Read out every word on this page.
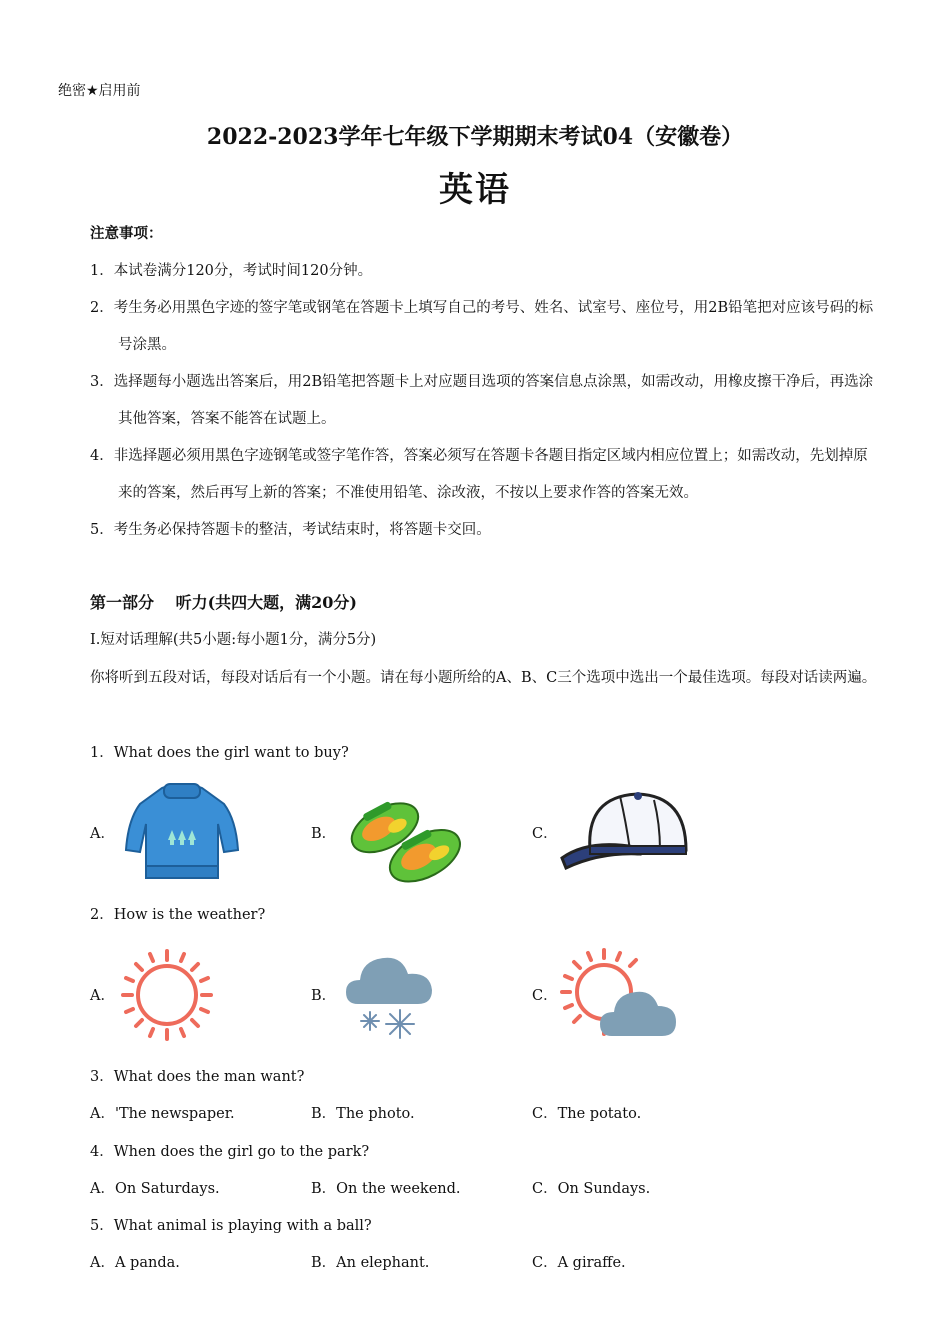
绝密★启用前
2022-2023学年七年级下学期期末考试04（安徽卷）
英语
注意事项：
1．本试卷满分120分，考试时间120分钟。
2．考生务必用黑色字迹的签字笔或钢笔在答题卡上填写自己的考号、姓名、试室号、座位号，用2B铅笔把对应该号码的标号涂黑。
3．选择题每小题选出答案后，用2B铅笔把答题卡上对应题目选项的答案信息点涂黑，如需改动，用橡皮擦干净后，再选涂其他答案，答案不能答在试题上。
4．非选择题必须用黑色字迹钢笔或签字笔作答，答案必须写在答题卡各题目指定区域内相应位置上；如需改动，先划掉原来的答案，然后再写上新的答案；不准使用铅笔、涂改液，不按以上要求作答的答案无效。
5．考生务必保持答题卡的整洁，考试结束时，将答题卡交回。
第一部分　 听力(共四大题，满20分)
Ⅰ.短对话理解(共5小题:每小题1分，满分5分)
你将听到五段对话，每段对话后有一个小题。请在每小题所给的A、B、C三个选项中选出一个最佳选项。每段对话读两遍。
1．What does the girl want to buy?
A．	B．	C．
2．How is the weather?
A．	B．	C．
3．What does the man want?
A．'The newspaper.	B．The photo.	C．The potato.
4．When does the girl go to the park?
A．On Saturdays.	B．On the weekend.	C．On Sundays.
5．What animal is playing with a ball?
A．A panda.	B．An elephant.	C．A giraffe.
